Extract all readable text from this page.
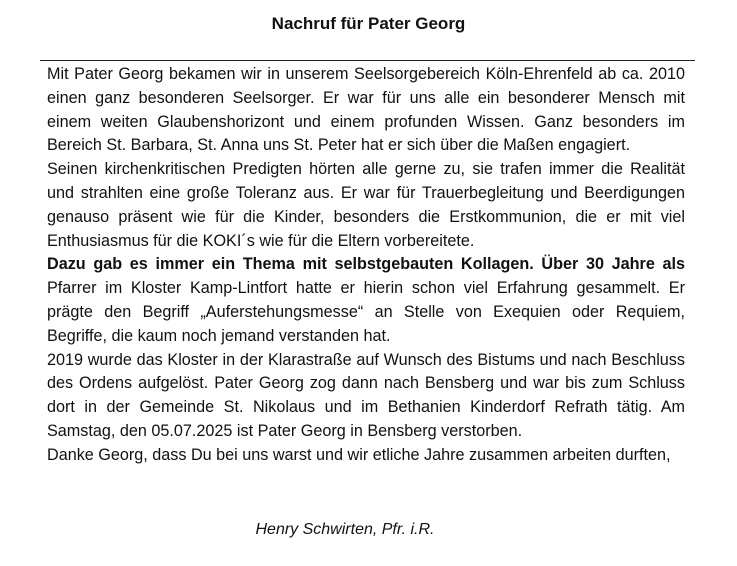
Nachruf für Pater Georg

Mit Pater Georg bekamen wir in unserem Seelsorgebereich Köln-Ehrenfeld ab ca. 2010 einen ganz besonderen Seelsorger. Er war für uns alle ein besonderer Mensch mit einem weiten Glaubenshorizont und einem profunden Wissen. Ganz besonders im Bereich St. Barbara, St. Anna uns St. Peter hat er sich über die Maßen engagiert.

Seinen kirchenkritischen Predigten hörten alle gerne zu, sie trafen immer die Realität und strahlten eine große Toleranz aus. Er war für Trauerbegleitung und Beerdigungen genauso präsent wie für die Kinder, besonders die Erstkommunion, die er mit viel Enthusiasmus für die KOKI´s wie für die Eltern vorbereitete.

Dazu gab es immer ein Thema mit selbstgebauten Kollagen. Über 30 Jahre als Pfarrer im Kloster Kamp-Lintfort hatte er hierin schon viel Erfahrung gesammelt. Er prägte den Begriff „Auferstehungsmesse“ an Stelle von Exequien oder Requiem, Begriffe, die kaum noch jemand verstanden hat.

2019 wurde das Kloster in der Klarastraße auf Wunsch des Bistums und nach Beschluss des Ordens aufgelöst. Pater Georg zog dann nach Bensberg und war bis zum Schluss dort in der Gemeinde St. Nikolaus und im Bethanien Kinderdorf Refrath tätig. Am Samstag, den 05.07.2025 ist Pater Georg in Bensberg verstorben.

Danke Georg, dass Du bei uns warst und wir etliche Jahre zusammen arbeiten durften,

Henry Schwirten, Pfr. i.R.
